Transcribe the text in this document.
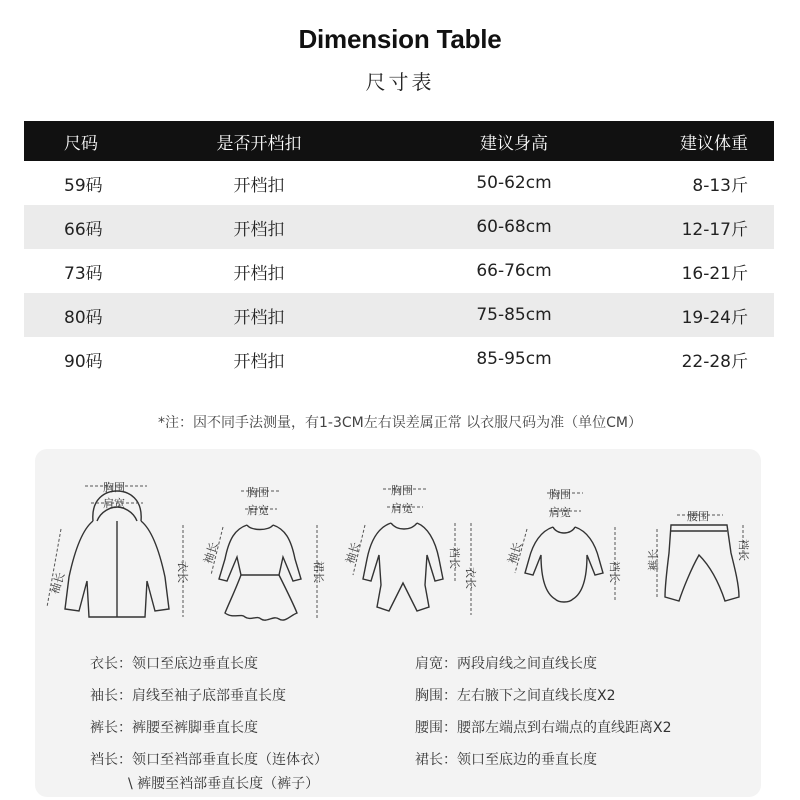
Dimension Table
尺寸表
尺码	是否开档扣	建议身高	建议体重
59码	开档扣	50-62cm	8-13斤
66码	开档扣	60-68cm	12-17斤
73码	开档扣	66-76cm	16-21斤
80码	开档扣	75-85cm	19-24斤
90码	开档扣	85-95cm	22-28斤
*注：因不同手法测量，有1-3CM左右误差属正常 以衣服尺码为准（单位CM）
胸围
肩宽
袖长	衣长
胸围
肩宽
袖长
裙长
胸围
肩宽
袖长	裆长
衣长
胸围
肩宽
袖长
裆长
腰围
裤长	裆长
衣长：领口至底边垂直长度
袖长：肩线至袖子底部垂直长度
裤长：裤腰至裤脚垂直长度
裆长：领口至裆部垂直长度（连体衣）
\ 裤腰至裆部垂直长度（裤子）
肩宽：两段肩线之间直线长度
胸围：左右腋下之间直线长度X2
腰围：腰部左端点到右端点的直线距离X2
裙长：领口至底边的垂直长度
